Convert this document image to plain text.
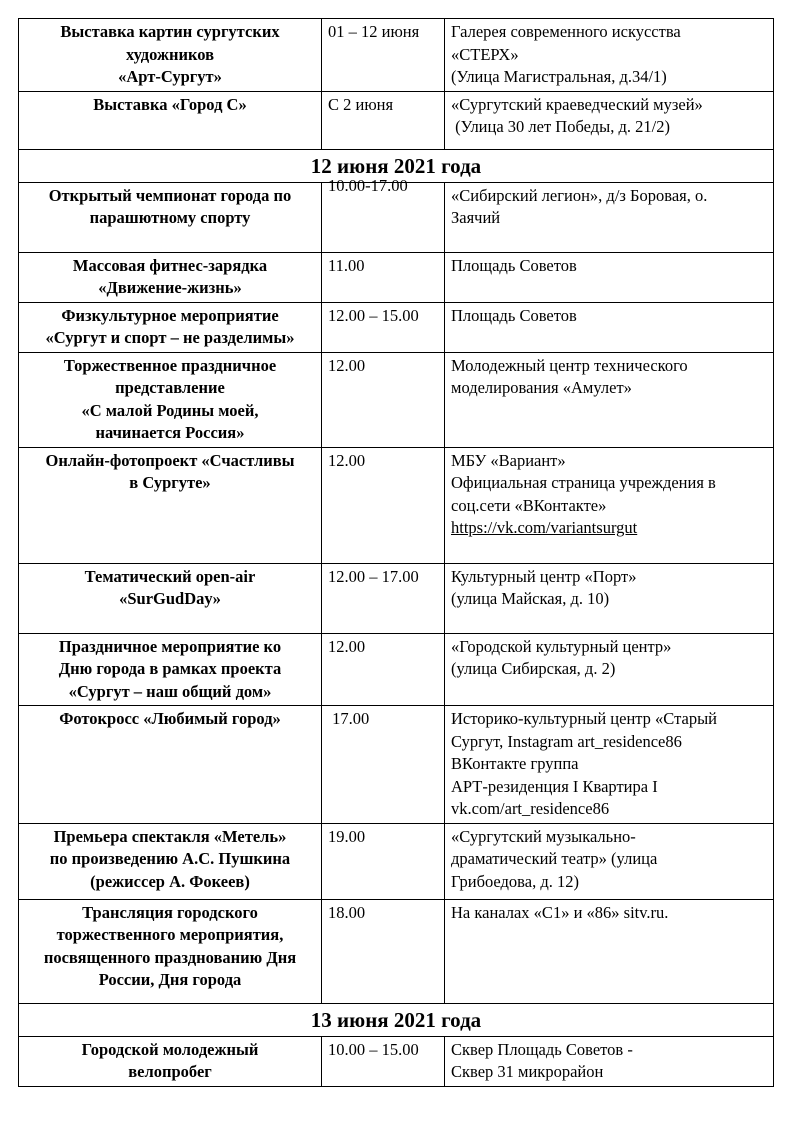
Выставка картин сургутских
художников
«Арт-Сургут»	01 – 12 июня	Галерея современного искусства
«СТЕРХ»
(Улица Магистральная, д.34/1)

Выставка «Город С»	С 2 июня	«Сургутский краеведческий музей»
(Улица 30 лет Победы, д. 21/2)

12 июня 2021 года		

Открытый чемпионат города по
парашютному спорту	10.00-17.00	«Сибирский легион», д/з Боровая, о.
Заячий

Массовая фитнес-зарядка
«Движение-жизнь»	11.00	Площадь Советов

Физкультурное мероприятие
«Сургут и спорт – не разделимы»	12.00 – 15.00	Площадь Советов

Торжественное праздничное
представление
«С малой Родины моей,
начинается Россия»	12.00	Молодежный центр технического
моделирования «Амулет»

Онлайн-фотопроект «Счастливы
в Сургуте»	12.00	МБУ «Вариант»
Официальная страница учреждения в
соц.сети «ВКонтакте»
https://vk.com/variantsurgut

Тематический open-air
«SurGudDay»	12.00 – 17.00	Культурный центр «Порт»
(улица Майская, д. 10)

Праздничное мероприятие ко
Дню города в рамках проекта
«Сургут – наш общий дом»	12.00	«Городской культурный центр»
(улица Сибирская, д. 2)

Фотокросс «Любимый город»	17.00	Историко-культурный центр «Старый
Сургут, Instagram art_residence86
ВКонтакте группа
АРТ-резиденция I Квартира I
vk.com/art_residence86

Премьера спектакля «Метель»
по произведению А.С. Пушкина
(режиссер А. Фокеев)	19.00	«Сургутский музыкально-
драматический театр» (улица
Грибоедова, д. 12)

Трансляция городского
торжественного мероприятия,
посвященного празднованию Дня
России, Дня города	18.00	На каналах «С1» и «86» sitv.ru.

13 июня 2021 года		

Городской молодежный
велопробег	10.00 – 15.00	Сквер Площадь Советов -
Сквер 31 микрорайон
